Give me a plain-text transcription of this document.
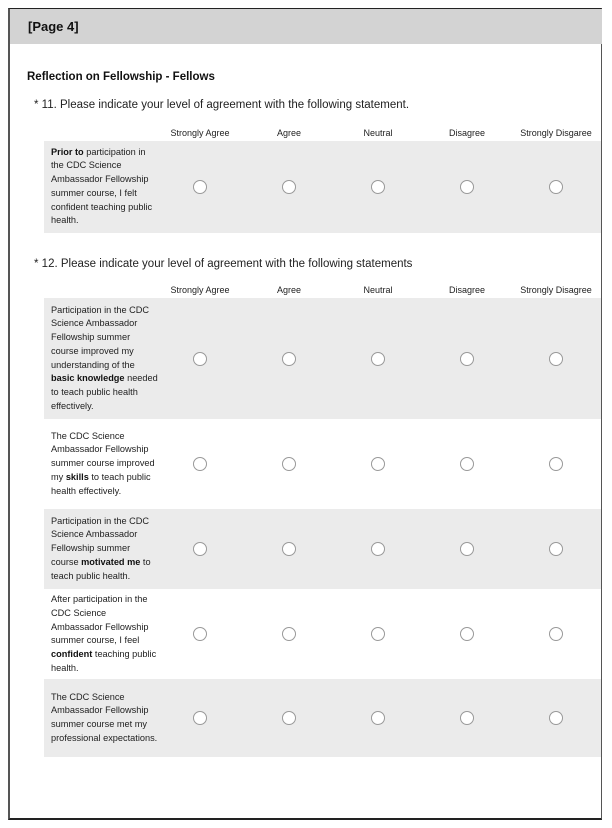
[Page 4]
Reflection on Fellowship - Fellows
* 11. Please indicate your level of agreement with the following statement.
Strongly Agree	Agree	Neutral	Disagree	Strongly Disgaree
Prior to participation in the CDC Science Ambassador Fellowship summer course, I felt confident teaching public health.
* 12. Please indicate your level of agreement with the following statements
Strongly Agree	Agree	Neutral	Disagree	Strongly Disagree
Participation in the CDC Science Ambassador Fellowship summer course improved my understanding of the basic knowledge needed to teach public health effectively.
The CDC Science Ambassador Fellowship summer course improved my skills to teach public health effectively.
Participation in the CDC Science Ambassador Fellowship summer course motivated me to teach public health.
After participation in the CDC Science Ambassador Fellowship summer course, I feel confident teaching public health.
The CDC Science Ambassador Fellowship summer course met my professional expectations.
